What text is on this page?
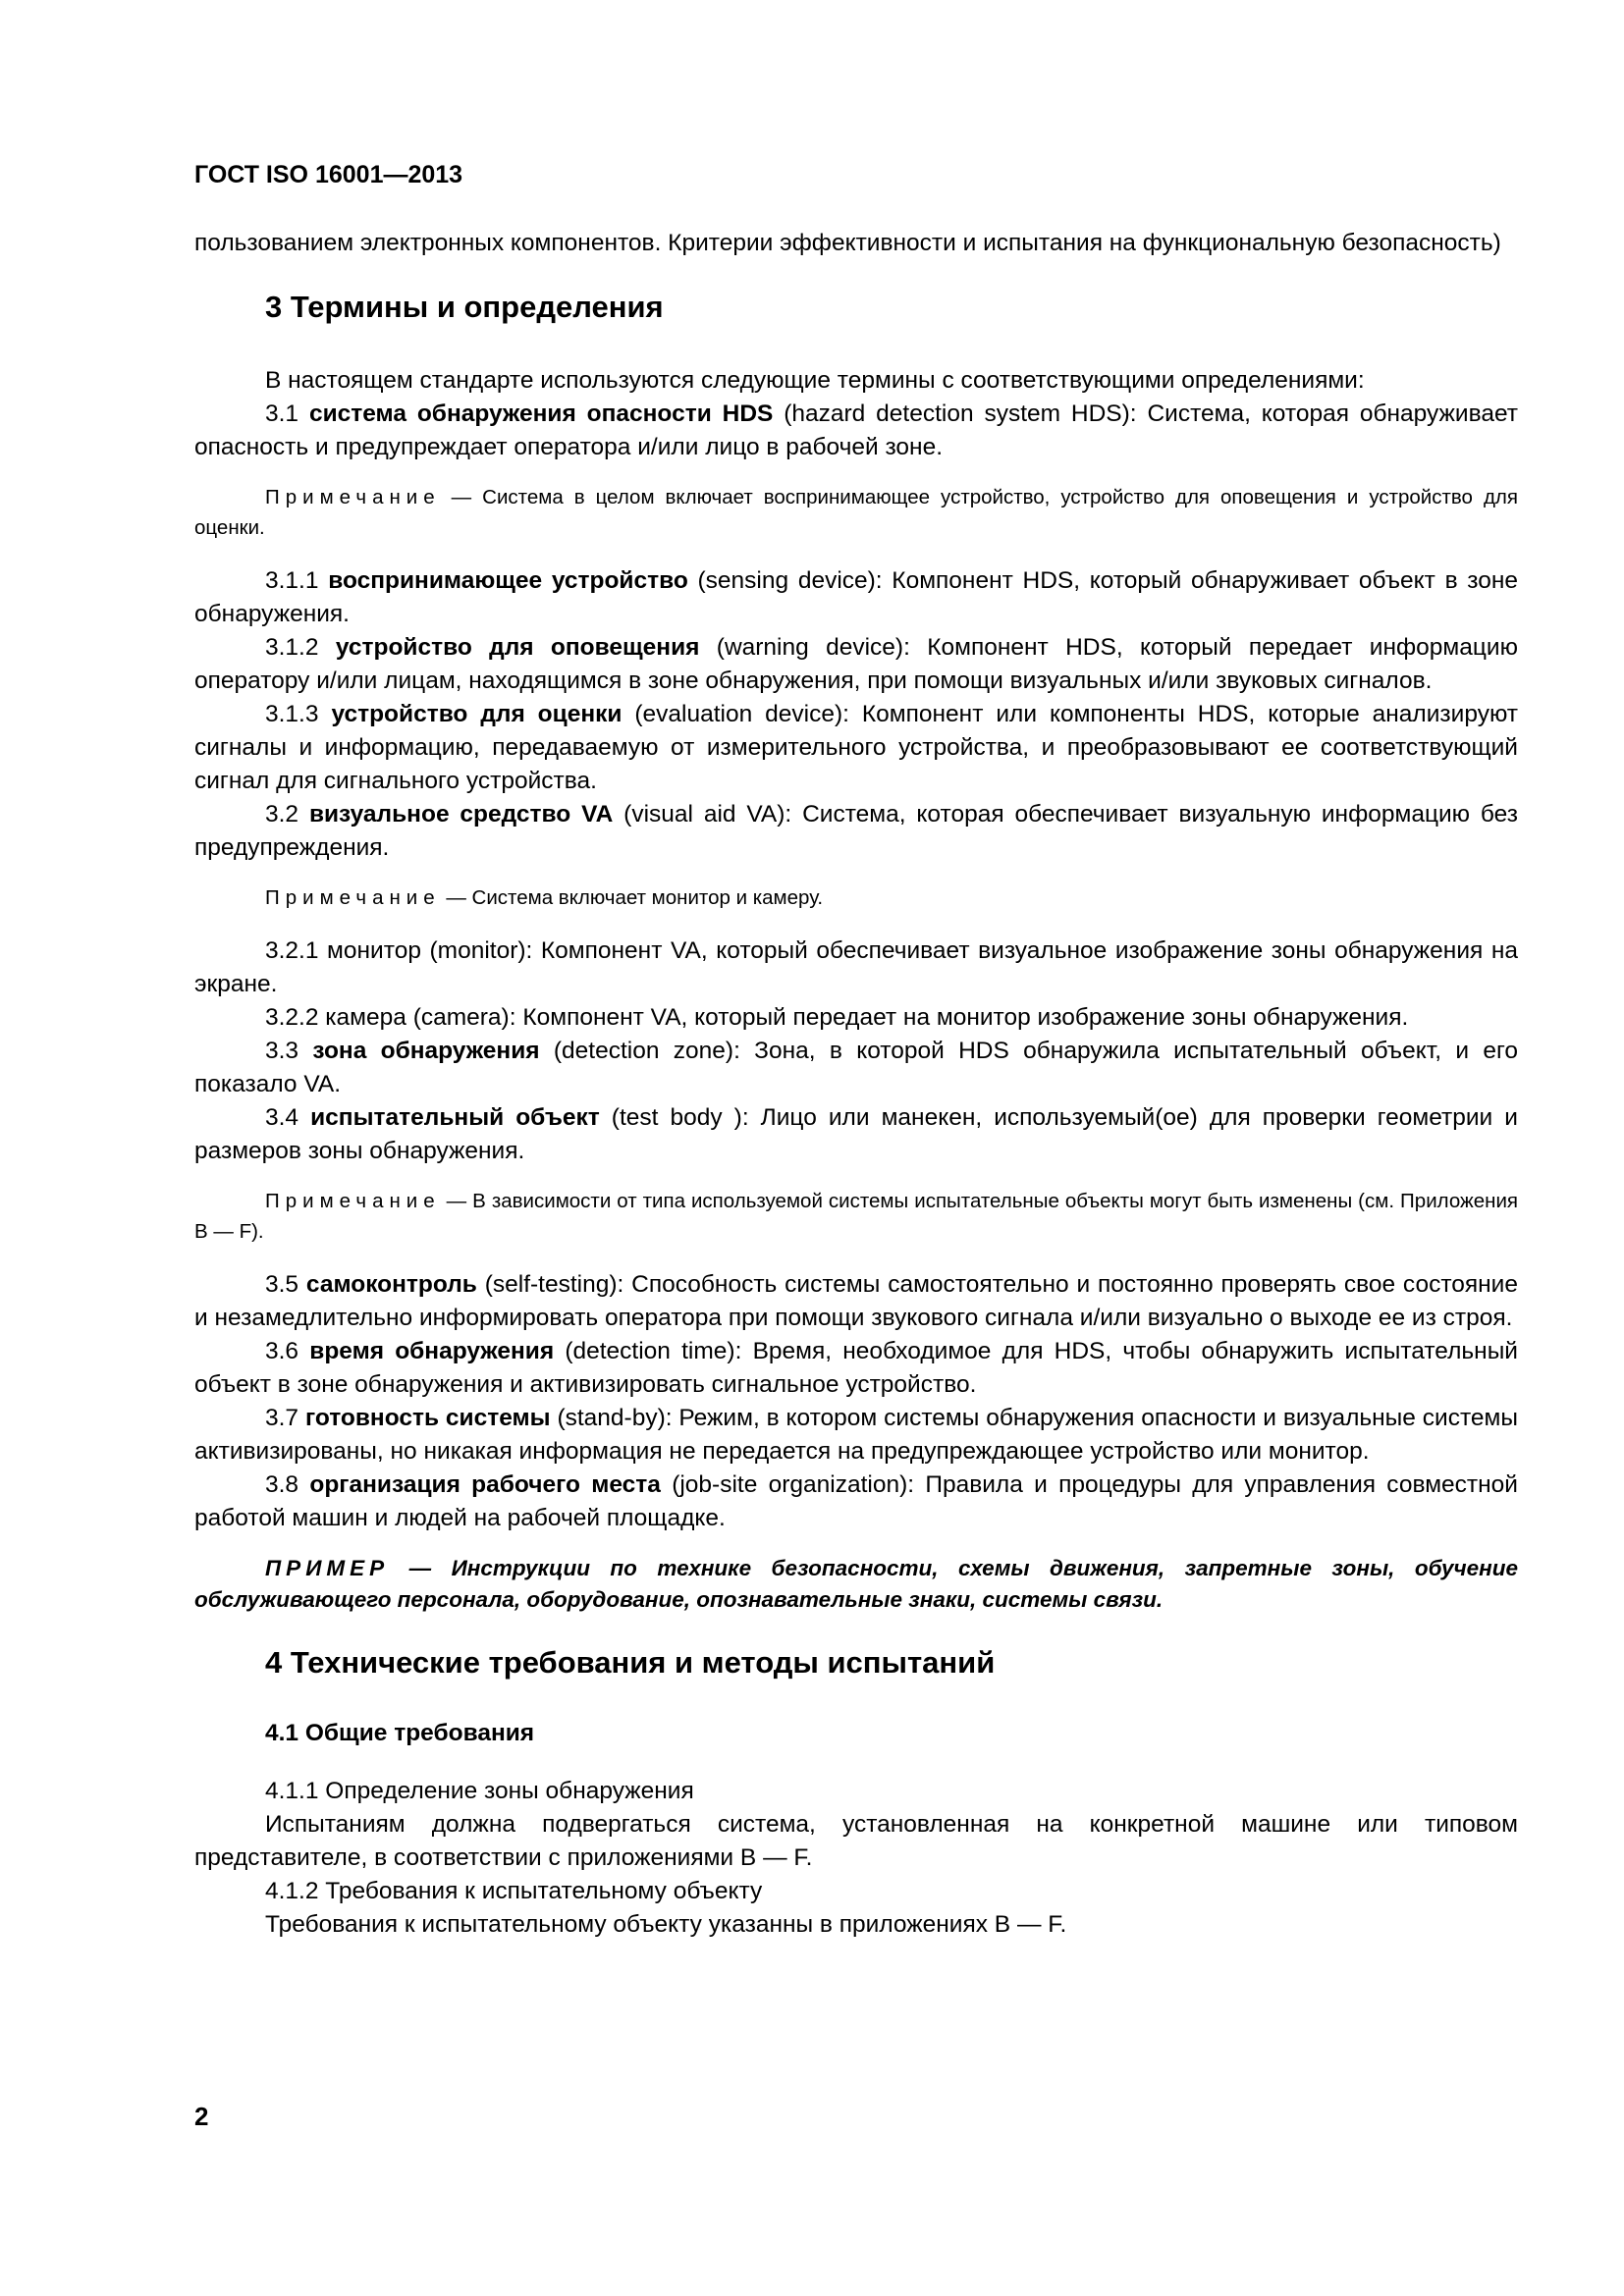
ГОСТ ISO 16001—2013

пользованием электронных компонентов. Критерии эффективности и испытания на функциональную безопасность)

3 Термины и определения

В настоящем стандарте используются следующие термины с соответствующими определениями:

3.1 система обнаружения опасности HDS (hazard detection system HDS): Система, которая обнаруживает опасность и предупреждает оператора и/или лицо в рабочей зоне.

Примечание — Система в целом включает воспринимающее устройство, устройство для оповещения и устройство для оценки.

3.1.1 воспринимающее устройство (sensing device): Компонент HDS, который обнаруживает объект в зоне обнаружения.

3.1.2 устройство для оповещения (warning device): Компонент HDS, который передает информацию оператору и/или лицам, находящимся в зоне обнаружения, при помощи визуальных и/или звуковых сигналов.

3.1.3 устройство для оценки (evaluation device): Компонент или компоненты HDS, которые анализируют сигналы и информацию, передаваемую от измерительного устройства, и преобразовывают ее соответствующий сигнал для сигнального устройства.

3.2 визуальное средство VA (visual aid VA): Система, которая обеспечивает визуальную информацию без предупреждения.

Примечание — Система включает монитор и камеру.

3.2.1 монитор (monitor): Компонент VA, который обеспечивает визуальное изображение зоны обнаружения на экране.

3.2.2 камера (camera): Компонент VA, который передает на монитор изображение зоны обнаружения.

3.3 зона обнаружения (detection zone): Зона, в которой HDS обнаружила испытательный объект, и его показало VA.

3.4 испытательный объект (test body ): Лицо или манекен, используемый(ое) для проверки геометрии и размеров зоны обнаружения.

Примечание — В зависимости от типа используемой системы испытательные объекты могут быть изменены (см. Приложения В — F).

3.5 самоконтроль (self-testing): Способность системы самостоятельно и постоянно проверять свое состояние и незамедлительно информировать оператора при помощи звукового сигнала и/или визуально о выходе ее из строя.

3.6 время обнаружения (detection time): Время, необходимое для HDS, чтобы обнаружить испытательный объект в зоне обнаружения и активизировать сигнальное устройство.

3.7 готовность системы (stand-by): Режим, в котором системы обнаружения опасности и визуальные системы активизированы, но никакая информация не передается на предупреждающее устройство или монитор.

3.8 организация рабочего места (job-site organization): Правила и процедуры для управления совместной работой машин и людей на рабочей площадке.

ПРИМЕР — Инструкции по технике безопасности, схемы движения, запретные зоны, обучение обслуживающего персонала, оборудование, опознавательные знаки, системы связи.

4 Технические требования и методы испытаний
4.1 Общие требования

4.1.1 Определение зоны обнаружения

Испытаниям должна подвергаться система, установленная на конкретной машине или типовом представителе, в соответствии с приложениями В — F.

4.1.2 Требования к испытательному объекту

Требования к испытательному объекту указанны в приложениях В — F.

2
